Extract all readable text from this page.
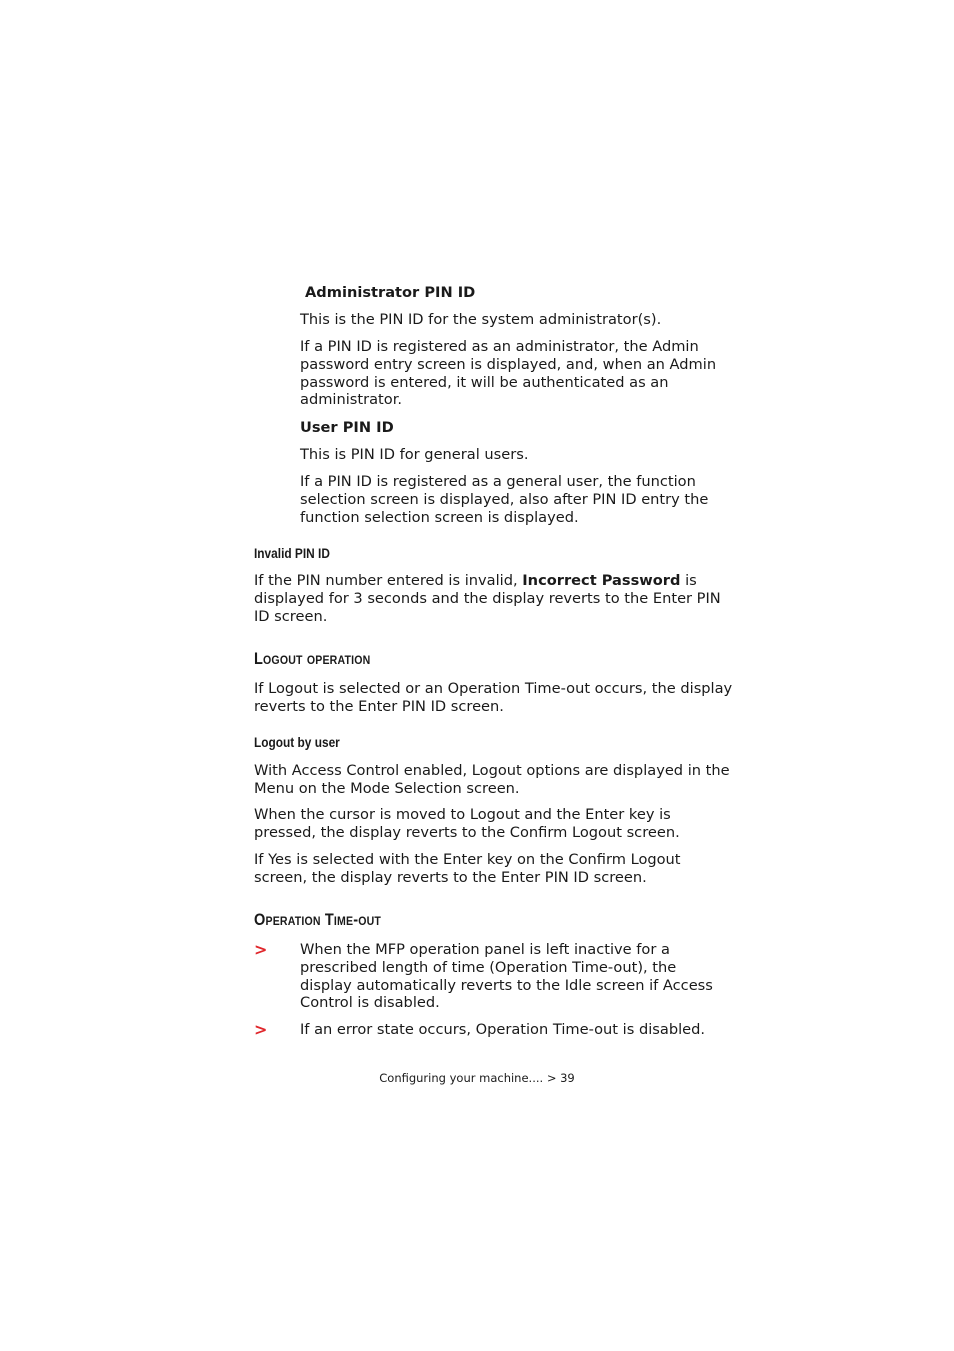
Administrator PIN ID

This is the PIN ID for the system administrator(s).

If a PIN ID is registered as an administrator, the Admin password entry screen is displayed, and, when an Admin password is entered, it will be authenticated as an administrator.

User PIN ID

This is PIN ID for general users.

If a PIN ID is registered as a general user, the function selection screen is displayed, also after PIN ID entry the function selection screen is displayed.

Invalid PIN ID

If the PIN number entered is invalid, Incorrect Password is displayed for 3 seconds and the display reverts to the Enter PIN ID screen.

Logout operation

If Logout is selected or an Operation Time-out occurs, the display reverts to the Enter PIN ID screen.

Logout by user

With Access Control enabled, Logout options are displayed in the Menu on the Mode Selection screen.

When the cursor is moved to Logout and the Enter key is pressed, the display reverts to the Confirm Logout screen.

If Yes is selected with the Enter key on the Confirm Logout screen, the display reverts to the Enter PIN ID screen.

Operation Time-out
> When the MFP operation panel is left inactive for a prescribed length of time (Operation Time-out), the display automatically reverts to the Idle screen if Access Control is disabled.

> If an error state occurs, Operation Time-out is disabled.

Configuring your machine.... > 39
